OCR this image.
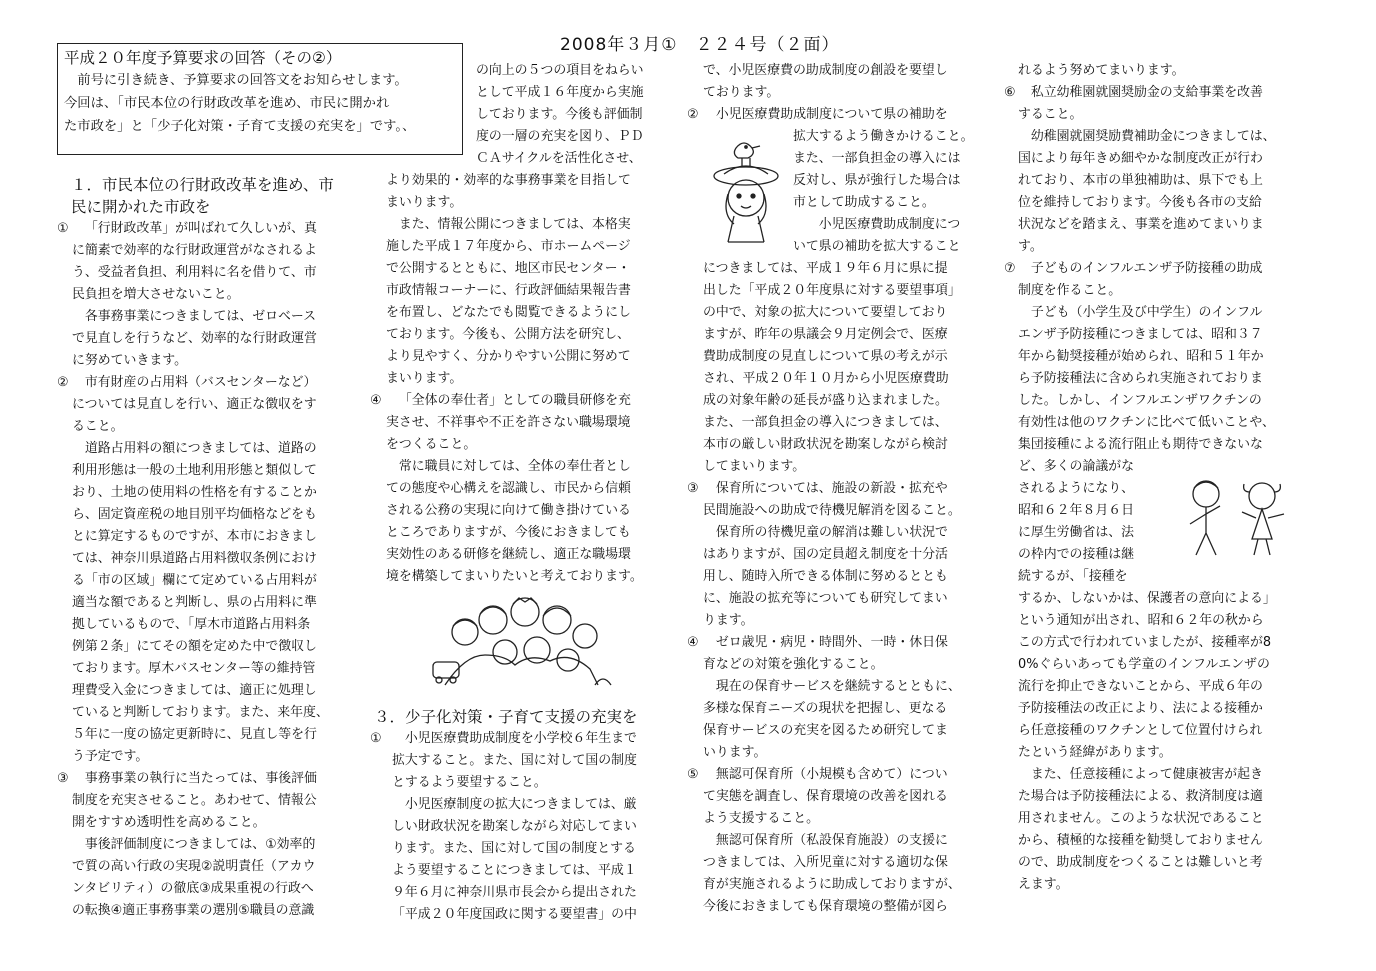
2008年３月①　２２４号（２面）
平成２０年度予算要求の回答（その②）
　前号に引き続き、予算要求の回答文をお知らせします。
今回は、「市民本位の行財政改革を進め、市民に開かれ
た市政を」と「少子化対策・子育て支援の充実を」です。、
１．市民本位の行財政改革を進め、市
民に開かれた市政を
①	「行財政改革」が叫ばれて久しいが、真
に簡素で効率的な行財政運営がなされるよ
う、受益者負担、利用料に名を借りて、市
民負担を増大させないこと。
各事務事業につきましては、ゼロベース
で見直しを行うなど、効率的な行財政運営
に努めていきます。
②	市有財産の占用料（バスセンターなど）
については見直しを行い、適正な徴収をす
ること。
道路占用料の額につきましては、道路の
利用形態は一般の土地利用形態と類似して
おり、土地の使用料の性格を有することか
ら、固定資産税の地目別平均価格などをも
とに算定するものですが、本市におきまし
ては、神奈川県道路占用料徴収条例におけ
る「市の区域」欄にて定めている占用料が
適当な額であると判断し、県の占用料に準
拠しているもので、「厚木市道路占用料条
例第２条」にてその額を定めた中で徴収し
ております。厚木バスセンター等の維持管
理費受入金につきましては、適正に処理し
ていると判断しております。また、来年度、
５年に一度の協定更新時に、見直し等を行
う予定です。
③	事務事業の執行に当たっては、事後評価
制度を充実させること。あわせて、情報公
開をすすめ透明性を高めること。
事後評価制度につきましては、①効率的
で質の高い行政の実現②説明責任（アカウ
ンタビリティ）の徹底③成果重視の行政へ
の転換④適正事務事業の選別⑤職員の意識
の向上の５つの項目をねらい
として平成１６年度から実施
しております。今後も評価制
度の一層の充実を図り、ＰＤ
ＣＡサイクルを活性化させ、
より効果的・効率的な事務事業を目指して
まいります。
また、情報公開につきましては、本格実
施した平成１７年度から、市ホームページ
で公開するとともに、地区市民センター・
市政情報コーナーに、行政評価結果報告書
を布置し、どなたでも閲覧できるようにし
ております。今後も、公開方法を研究し、
より見やすく、分かりやすい公開に努めて
まいります。
④	「全体の奉仕者」としての職員研修を充
実させ、不祥事や不正を許さない職場環境
をつくること。
常に職員に対しては、全体の奉仕者とし
ての態度や心構えを認識し、市民から信頼
される公務の実現に向けて働き掛けている
ところでありますが、今後におきましても
実効性のある研修を継続し、適正な職場環
境を構築してまいりたいと考えております。
３．少子化対策・子育て支援の充実を
①	小児医療費助成制度を小学校６年生まで
拡大すること。また、国に対して国の制度
とするよう要望すること。
小児医療制度の拡大につきましては、厳
しい財政状況を勘案しながら対応してまい
ります。また、国に対して国の制度とする
よう要望することにつきましては、平成１
９年６月に神奈川県市長会から提出された
「平成２０年度国政に関する要望書」の中
で、小児医療費の助成制度の創設を要望し
ております。
②	小児医療費助成制度について県の補助を
拡大するよう働きかけること。
また、一部負担金の導入には
反対し、県が強行した場合は
市として助成すること。
　　小児医療費助成制度につ
いて県の補助を拡大すること
につきましては、平成１９年６月に県に提
出した「平成２０年度県に対する要望事項」
の中で、対象の拡大について要望しており
ますが、昨年の県議会９月定例会で、医療
費助成制度の見直しについて県の考えが示
され、平成２０年１０月から小児医療費助
成の対象年齢の延長が盛り込まれました。
また、一部負担金の導入につきましては、
本市の厳しい財政状況を勘案しながら検討
してまいります。
③	保育所については、施設の新設・拡充や
民間施設への助成で待機児解消を図ること。
保育所の待機児童の解消は難しい状況で
はありますが、国の定員超え制度を十分活
用し、随時入所できる体制に努めるととも
に、施設の拡充等についても研究してまい
ります。
④	ゼロ歳児・病児・時間外、一時・休日保
育などの対策を強化すること。
現在の保育サービスを継続するとともに、
多様な保育ニーズの現状を把握し、更なる
保育サービスの充実を図るため研究してま
いります。
⑤	無認可保育所（小規模も含めて）につい
て実態を調査し、保育環境の改善を図れる
よう支援すること。
無認可保育所（私設保育施設）の支援に
つきましては、入所児童に対する適切な保
育が実施されるように助成しておりますが、
今後におきましても保育環境の整備が図ら
れるよう努めてまいります。
⑥	私立幼稚園就園奨励金の支給事業を改善
すること。
幼稚園就園奨励費補助金につきましては、
国により毎年きめ細やかな制度改正が行わ
れており、本市の単独補助は、県下でも上
位を維持しております。今後も各市の支給
状況などを踏まえ、事業を進めてまいりま
す。
⑦	子どものインフルエンザ予防接種の助成
制度を作ること。
子ども（小学生及び中学生）のインフル
エンザ予防接種につきましては、昭和３７
年から勧奨接種が始められ、昭和５１年か
ら予防接種法に含められ実施されておりま
した。しかし、インフルエンザワクチンの
有効性は他のワクチンに比べて低いことや、
集団接種による流行阻止も期待できないな
ど、多くの論議がな
されるようになり、
昭和６２年８月６日
に厚生労働省は、法
の枠内での接種は継
続するが、「接種を
するか、しないかは、保護者の意向による」
という通知が出され、昭和６２年の秋から
この方式で行われていましたが、接種率が8
0%ぐらいあっても学童のインフルエンザの
流行を抑止できないことから、平成６年の
予防接種法の改正により、法による接種か
ら任意接種のワクチンとして位置付けられ
たという経緯があります。
また、任意接種によって健康被害が起き
た場合は予防接種法による、救済制度は適
用されません。このような状況であること
から、積極的な接種を勧奨しておりません
ので、助成制度をつくることは難しいと考
えます。
